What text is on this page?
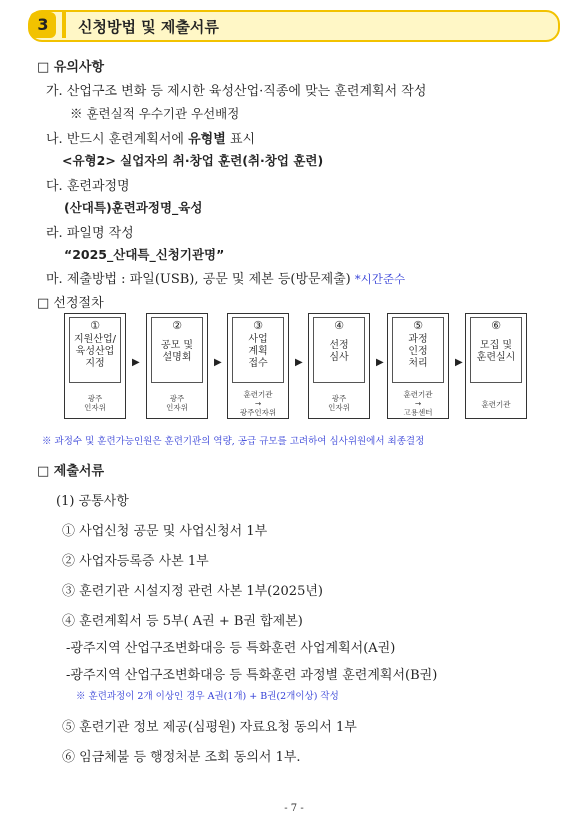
3	신청방법 및 제출서류
□ 유의사항
가. 산업구조 변화 등 제시한 육성산업·직종에 맞는 훈련계획서 작성
※ 훈련실적 우수기관 우선배정
나. 반드시 훈련계획서에 유형별 표시
<유형2> 실업자의 취·창업 훈련(취·창업 훈련)
다. 훈련과정명
(산대특)훈련과정명_육성
라. 파일명 작성
“2025_산대특_신청기관명”
마. 제출방법 : 파일(USB), 공문 및 제본 등(방문제출) *시간준수
□ 선정절차
①
지원산업/
육성산업
지정
광주
인자위
▶
②
공모 및
설명회
광주
인자위
▶
③
사업
계획
접수
훈련기관
→
광주인자위
▶
④
선정
심사
광주
인자위
▶
⑤
과정
인정
처리
훈련기관
→
고용센터
▶
⑥
모집 및
훈련실시
훈련기관
※ 과정수 및 훈련가능인원은 훈련기관의 역량, 공급 규모를 고려하여 심사위원에서 최종결정
□ 제출서류
(1) 공통사항
① 사업신청 공문 및 사업신청서 1부
② 사업자등록증 사본 1부
③ 훈련기관 시설지정 관련 사본 1부(2025년)
④ 훈련계획서 등 5부( A권 + B권 합제본)
-광주지역 산업구조변화대응 등 특화훈련 사업계획서(A권)
-광주지역 산업구조변화대응 등 특화훈련 과정별 훈련계획서(B권)
※ 훈련과정이 2개 이상인 경우 A권(1개) + B권(2개이상) 작성
⑤ 훈련기관 정보 제공(심평원) 자료요청 동의서 1부
⑥ 임금체불 등 행정처분 조회 동의서 1부.
- 7 -
